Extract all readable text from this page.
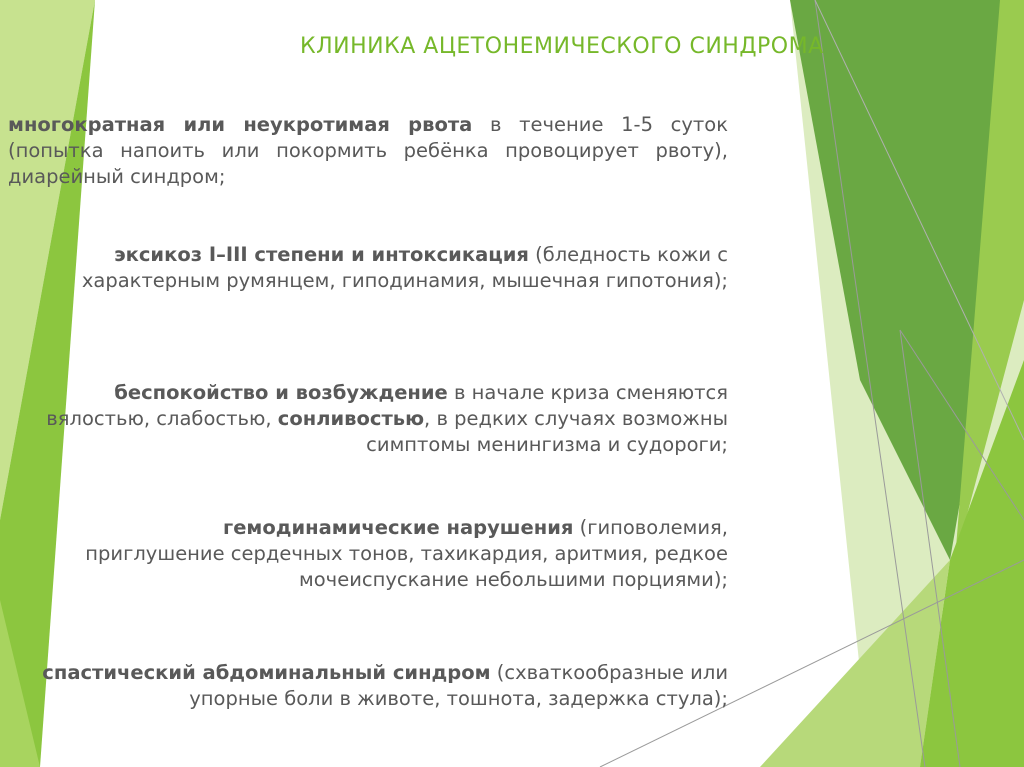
КЛИНИКА АЦЕТОНЕМИЧЕСКОГО СИНДРОМА

многократная или неукротимая рвота в течение 1-5 суток (попытка напоить или покормить ребёнка провоцирует рвоту), диарейный синдром;

эксикоз I–III степени и интоксикация (бледность кожи с характерным румянцем, гиподинамия, мышечная гипотония);

беспокойство и возбуждение в начале криза сменяются вялостью, слабостью, сонливостью, в редких случаях возможны симптомы менингизма и судороги;

гемодинамические нарушения (гиповолемия, приглушение сердечных тонов, тахикардия, аритмия, редкое мочеиспускание небольшими порциями);

спастический абдоминальный синдром (схваткообразные или упорные боли в животе, тошнота, задержка стула);
